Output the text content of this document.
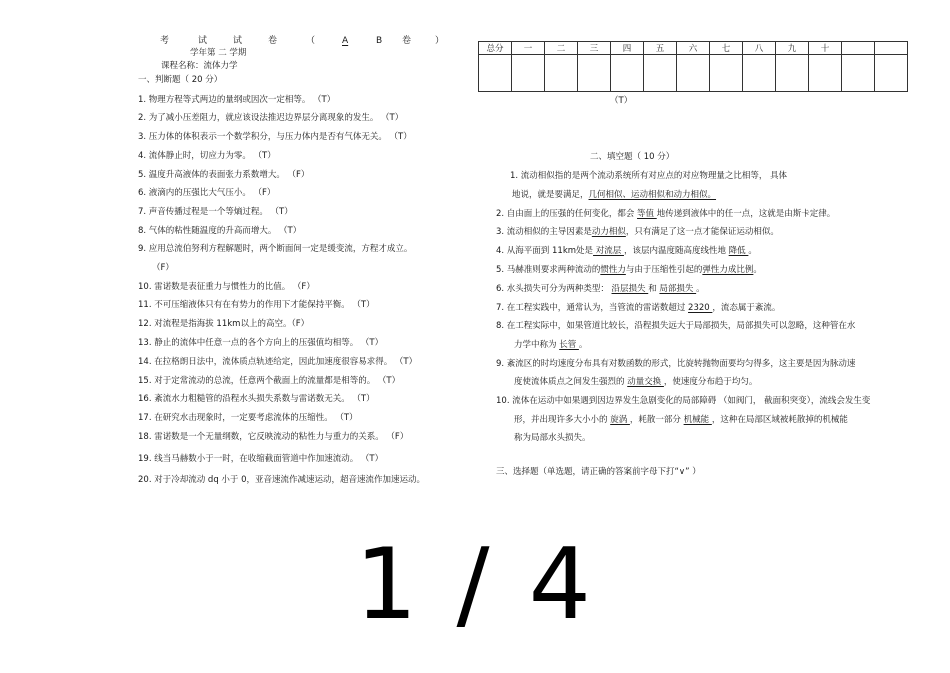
考	试	试	卷	（	A	B 卷	）
学年第 二 学期
课程名称：流体力学
总分	一	二	三	四	五	六	七	八	九	十		

（T）
一、判断题（ 20 分）
1. 物理方程等式两边的量纲或因次一定相等。 （T）
2. 为了减小压差阻力，就应该设法推迟边界层分离现象的发生。 （T）
3. 压力体的体积表示一个数学积分，与压力体内是否有气体无关。 （T）
4. 流体静止时，切应力为零。 （T）
5. 温度升高液体的表面张力系数增大。 （F）
6. 液滴内的压强比大气压小。 （F）
7. 声音传播过程是一个等熵过程。 （T）
8. 气体的粘性随温度的升高而增大。 （T）
9. 应用总流伯努利方程解题时，两个断面间一定是缓变流，方程才成立。
（F）
10. 雷诺数是表征重力与惯性力的比值。 （F）
11. 不可压缩液体只有在有势力的作用下才能保持平衡。 （T）
12. 对流程是指海拔 11km以上的高空。（F）
13. 静止的流体中任意一点的各个方向上的压强值均相等。 （T）
14. 在拉格朗日法中，流体质点轨迹给定，因此加速度很容易求得。 （T）
15. 对于定常流动的总流，任意两个截面上的流量都是相等的。 （T）
16. 紊流水力粗糙管的沿程水头损失系数与雷诺数无关。 （T）
17. 在研究水击现象时，一定要考虑流体的压缩性。 （T）
18. 雷诺数是一个无量纲数，它反映流动的粘性力与重力的关系。 （F）
19. 线当马赫数小于一时，在收缩截面管道中作加速流动。 （T）
20. 对于冷却流动 dq 小于 0，亚音速流作减速运动，超音速流作加速运动。
二、填空题（ 10 分）
1. 流动相似指的是两个流动系统所有对应点的对应物理量之比相等， 具体
地说，就是要满足，几何相似、运动相似和动力相似。
2. 自由面上的压强的任何变化，都会 等值 地传递到液体中的任一点，这就是由斯卡定律。
3. 流动相似的主导因素是动力相似，只有满足了这一点才能保证运动相似。
4. 从海平面到 11km处是 对流层 ，该层内温度随高度线性地 降低 。
5. 马赫准则要求两种流动的惯性力与由于压缩性引起的弹性力成比例。
6. 水头损失可分为两种类型： 沿层损失 和 局部损失 。
7. 在工程实践中，通常认为，当管流的雷诺数超过 2320 ，流态属于紊流。
8. 在工程实际中，如果管道比较长，沿程损失远大于局部损失，局部损失可以忽略，这种管在水
力学中称为 长管 。
9. 紊流区的时均速度分布具有对数函数的形式，比旋转抛物面要均匀得多，这主要是因为脉动速
度使流体质点之间发生强烈的 动量交换 ，使速度分布趋于均匀。
10. 流体在运动中如果遇到因边界发生急剧变化的局部障碍 （如阀门， 截面积突变），流线会发生变
形，并出现许多大小小的 旋涡 ，耗散一部分 机械能 ，这种在局部区域被耗散掉的机械能
称为局部水头损失。
三、选择题（单选题，请正确的答案前字母下打“∨” ）
1 / 4
